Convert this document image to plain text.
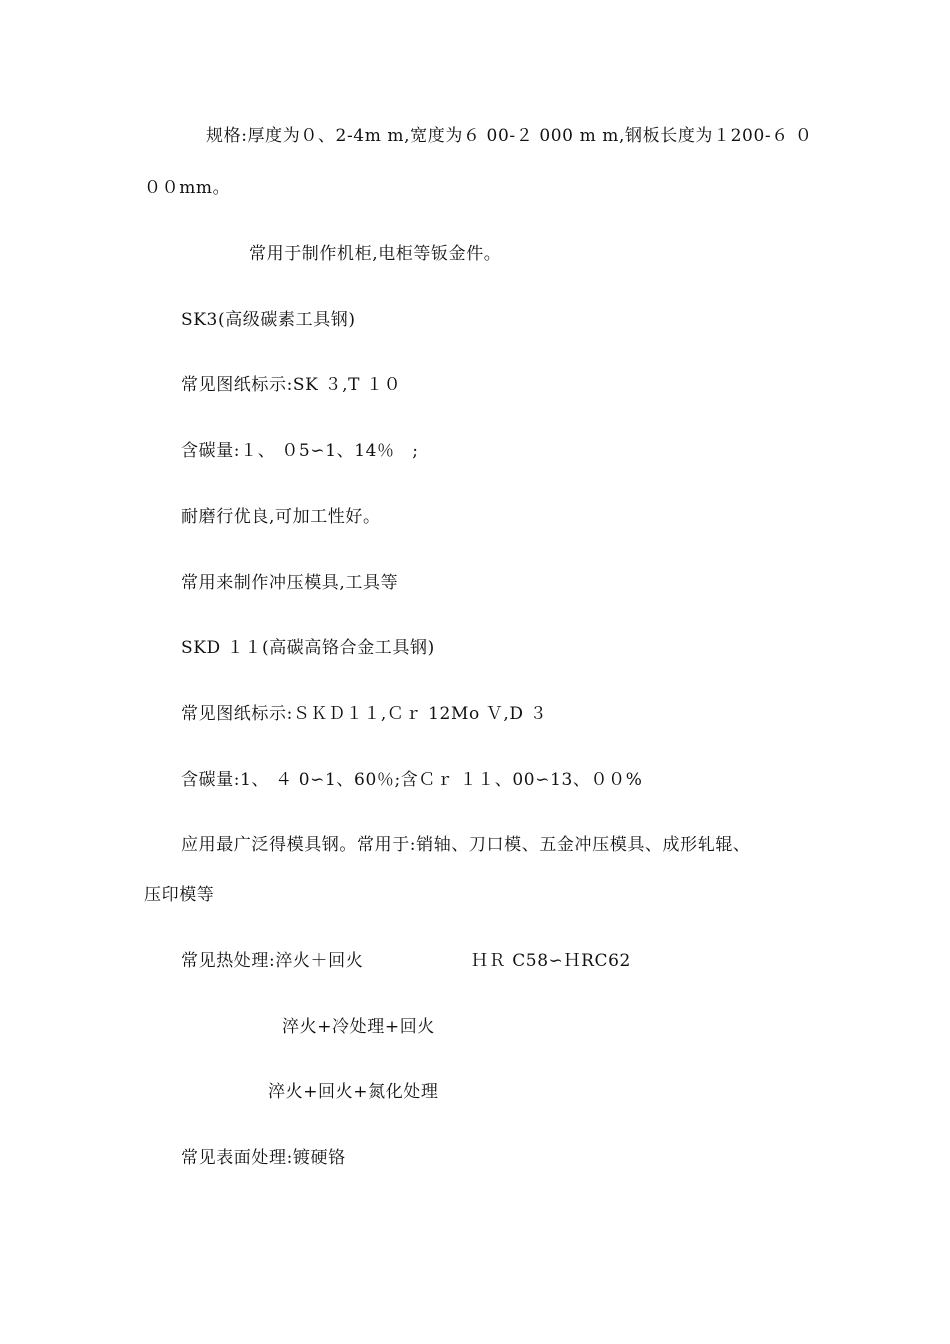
规格:厚度为０、2-4m m,宽度为６ 00-２ 000 m m,钢板长度为１200-６ ０
００mm。
常用于制作机柜,电柜等钣金件。
SK3(高级碳素工具钢)
常见图纸标示:SK ３,T １０
含碳量:１、 ０5∽1、14％　;
耐磨行优良,可加工性好。
常用来制作冲压模具,工具等
SKD １１(高碳高铬合金工具钢)
常见图纸标示:ＳＫＤ１１,Ｃｒ 12Mo Ｖ,D ３
含碳量:1、 ４ 0∽1、60％;含Ｃｒ １１、00∽13、００%
应用最广泛得模具钢。常用于:销轴、刀口模、五金冲压模具、成形轧辊、
压印模等
常见热处理:淬火＋回火	ＨＲ C58∽ＨRC62
淬火+冷处理+回火
淬火+回火+氮化处理
常见表面处理:镀硬铬
